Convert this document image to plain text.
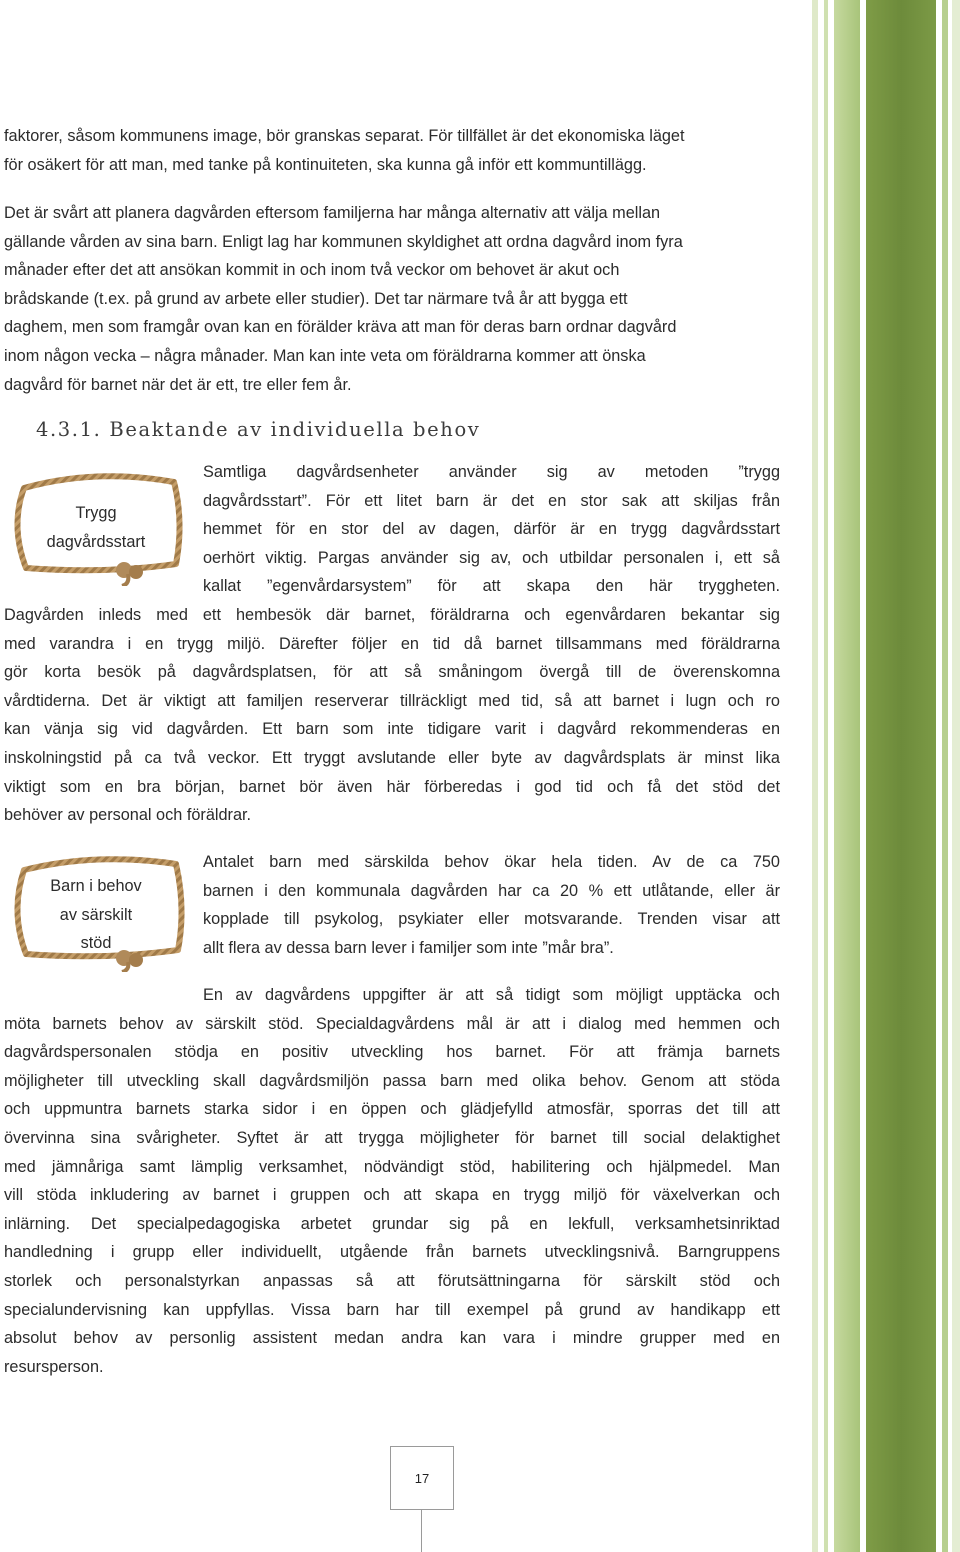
faktorer, såsom kommunens image, bör granskas separat. För tillfället är det ekonomiska läget

för osäkert för att man, med tanke på kontinuiteten, ska kunna gå inför ett kommuntillägg.

Det är svårt att planera dagvården eftersom familjerna har många alternativ att välja mellan

gällande vården av sina barn. Enligt lag har kommunen skyldighet att ordna dagvård inom fyra

månader efter det att ansökan kommit in och inom två veckor om behovet är akut och

brådskande (t.ex. på grund av arbete eller studier). Det tar närmare två år att bygga ett

daghem, men som framgår ovan kan en förälder kräva att man för deras barn ordnar dagvård

inom någon vecka – några månader. Man kan inte veta om föräldrarna kommer att önska

dagvård för barnet när det är ett, tre eller fem år.

4.3.1. Beaktande av individuella behov
Trygg
dagvårdsstart

Samtliga dagvårdsenheter använder sig av metoden ”trygg

dagvårdsstart”. För ett litet barn är det en stor sak att skiljas från

hemmet för en stor del av dagen, därför är en trygg dagvårdsstart

oerhört viktig. Pargas använder sig av, och utbildar personalen i, ett så

kallat ”egenvårdarsystem” för att skapa den här tryggheten.

Dagvården inleds med ett hembesök där barnet, föräldrarna och egenvårdaren bekantar sig

med varandra i en trygg miljö. Därefter följer en tid då barnet tillsammans med föräldrarna

gör korta besök på dagvårdsplatsen, för att så småningom övergå till de överenskomna

vårdtiderna. Det är viktigt att familjen reserverar tillräckligt med tid, så att barnet i lugn och ro

kan vänja sig vid dagvården. Ett barn som inte tidigare varit i dagvård rekommenderas en

inskolningstid på ca två veckor. Ett tryggt avslutande eller byte av dagvårdsplats är minst lika

viktigt som en bra början, barnet bör även här förberedas i god tid och få det stöd det

behöver av personal och föräldrar.

Barn i behov
av särskilt
stöd

Antalet barn med särskilda behov ökar hela tiden. Av de ca 750

barnen i den kommunala dagvården har ca 20 % ett utlåtande, eller är

kopplade till psykolog, psykiater eller motsvarande. Trenden visar att

allt flera av dessa barn lever i familjer som inte ”mår bra”.

En av dagvårdens uppgifter är att så tidigt som möjligt upptäcka och

möta barnets behov av särskilt stöd. Specialdagvårdens mål är att i dialog med hemmen och

dagvårdspersonalen stödja en positiv utveckling hos barnet. För att främja barnets

möjligheter till utveckling skall dagvårdsmiljön passa barn med olika behov. Genom att stöda

och uppmuntra barnets starka sidor i en öppen och glädjefylld atmosfär, sporras det till att

övervinna sina svårigheter. Syftet är att trygga möjligheter för barnet till social delaktighet

med jämnåriga samt lämplig verksamhet, nödvändigt stöd, habilitering och hjälpmedel. Man

vill stöda inkludering av barnet i gruppen och att skapa en trygg miljö för växelverkan och

inlärning. Det specialpedagogiska arbetet grundar sig på en lekfull, verksamhetsinriktad

handledning i grupp eller individuellt, utgående från barnets utvecklingsnivå. Barngruppens

storlek och personalstyrkan anpassas så att förutsättningarna för särskilt stöd och

specialundervisning kan uppfyllas. Vissa barn har till exempel på grund av handikapp ett

absolut behov av personlig assistent medan andra kan vara i mindre grupper med en

resursperson.

17
